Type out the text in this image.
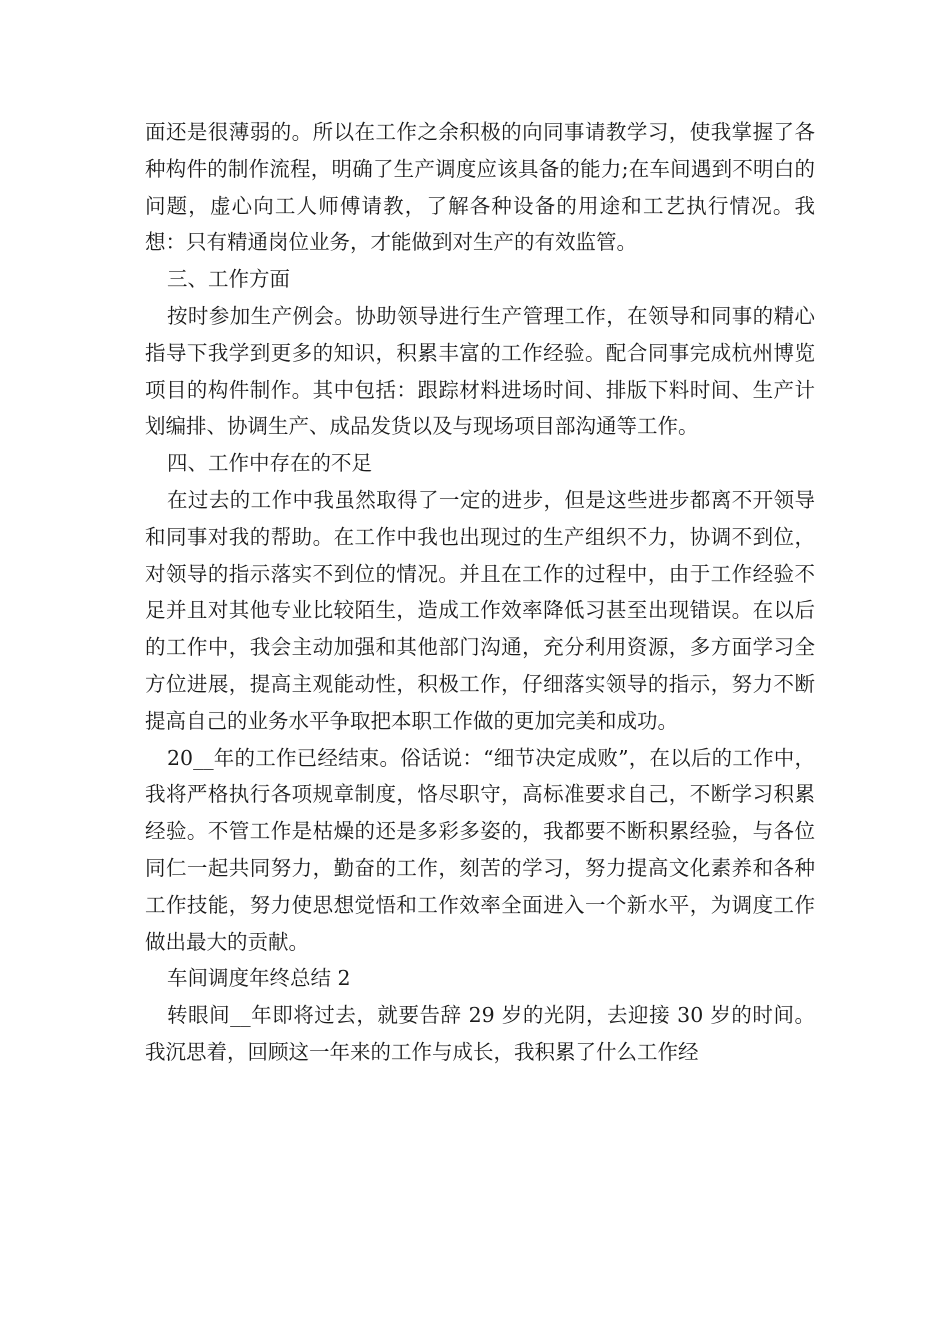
面还是很薄弱的。所以在工作之余积极的向同事请教学习，使我掌握了各种构件的制作流程，明确了生产调度应该具备的能力;在车间遇到不明白的问题，虚心向工人师傅请教，了解各种设备的用途和工艺执行情况。我想：只有精通岗位业务，才能做到对生产的有效监管。

三、工作方面

按时参加生产例会。协助领导进行生产管理工作，在领导和同事的精心指导下我学到更多的知识，积累丰富的工作经验。配合同事完成杭州博览项目的构件制作。其中包括：跟踪材料进场时间、排版下料时间、生产计划编排、协调生产、成品发货以及与现场项目部沟通等工作。

四、工作中存在的不足

在过去的工作中我虽然取得了一定的进步，但是这些进步都离不开领导和同事对我的帮助。在工作中我也出现过的生产组织不力，协调不到位，对领导的指示落实不到位的情况。并且在工作的过程中，由于工作经验不足并且对其他专业比较陌生，造成工作效率降低习甚至出现错误。在以后的工作中，我会主动加强和其他部门沟通，充分利用资源，多方面学习全方位进展，提高主观能动性，积极工作，仔细落实领导的指示，努力不断提高自己的业务水平争取把本职工作做的更加完美和成功。

20__年的工作已经结束。俗话说：“细节决定成败”，在以后的工作中，我将严格执行各项规章制度，恪尽职守，高标准要求自己，不断学习积累经验。不管工作是枯燥的还是多彩多姿的，我都要不断积累经验，与各位同仁一起共同努力，勤奋的工作，刻苦的学习，努力提高文化素养和各种工作技能，努力使思想觉悟和工作效率全面进入一个新水平，为调度工作做出最大的贡献。

车间调度年终总结 2

转眼间__年即将过去，就要告辞 29 岁的光阴，去迎接 30 岁的时间。我沉思着，回顾这一年来的工作与成长，我积累了什么工作经
